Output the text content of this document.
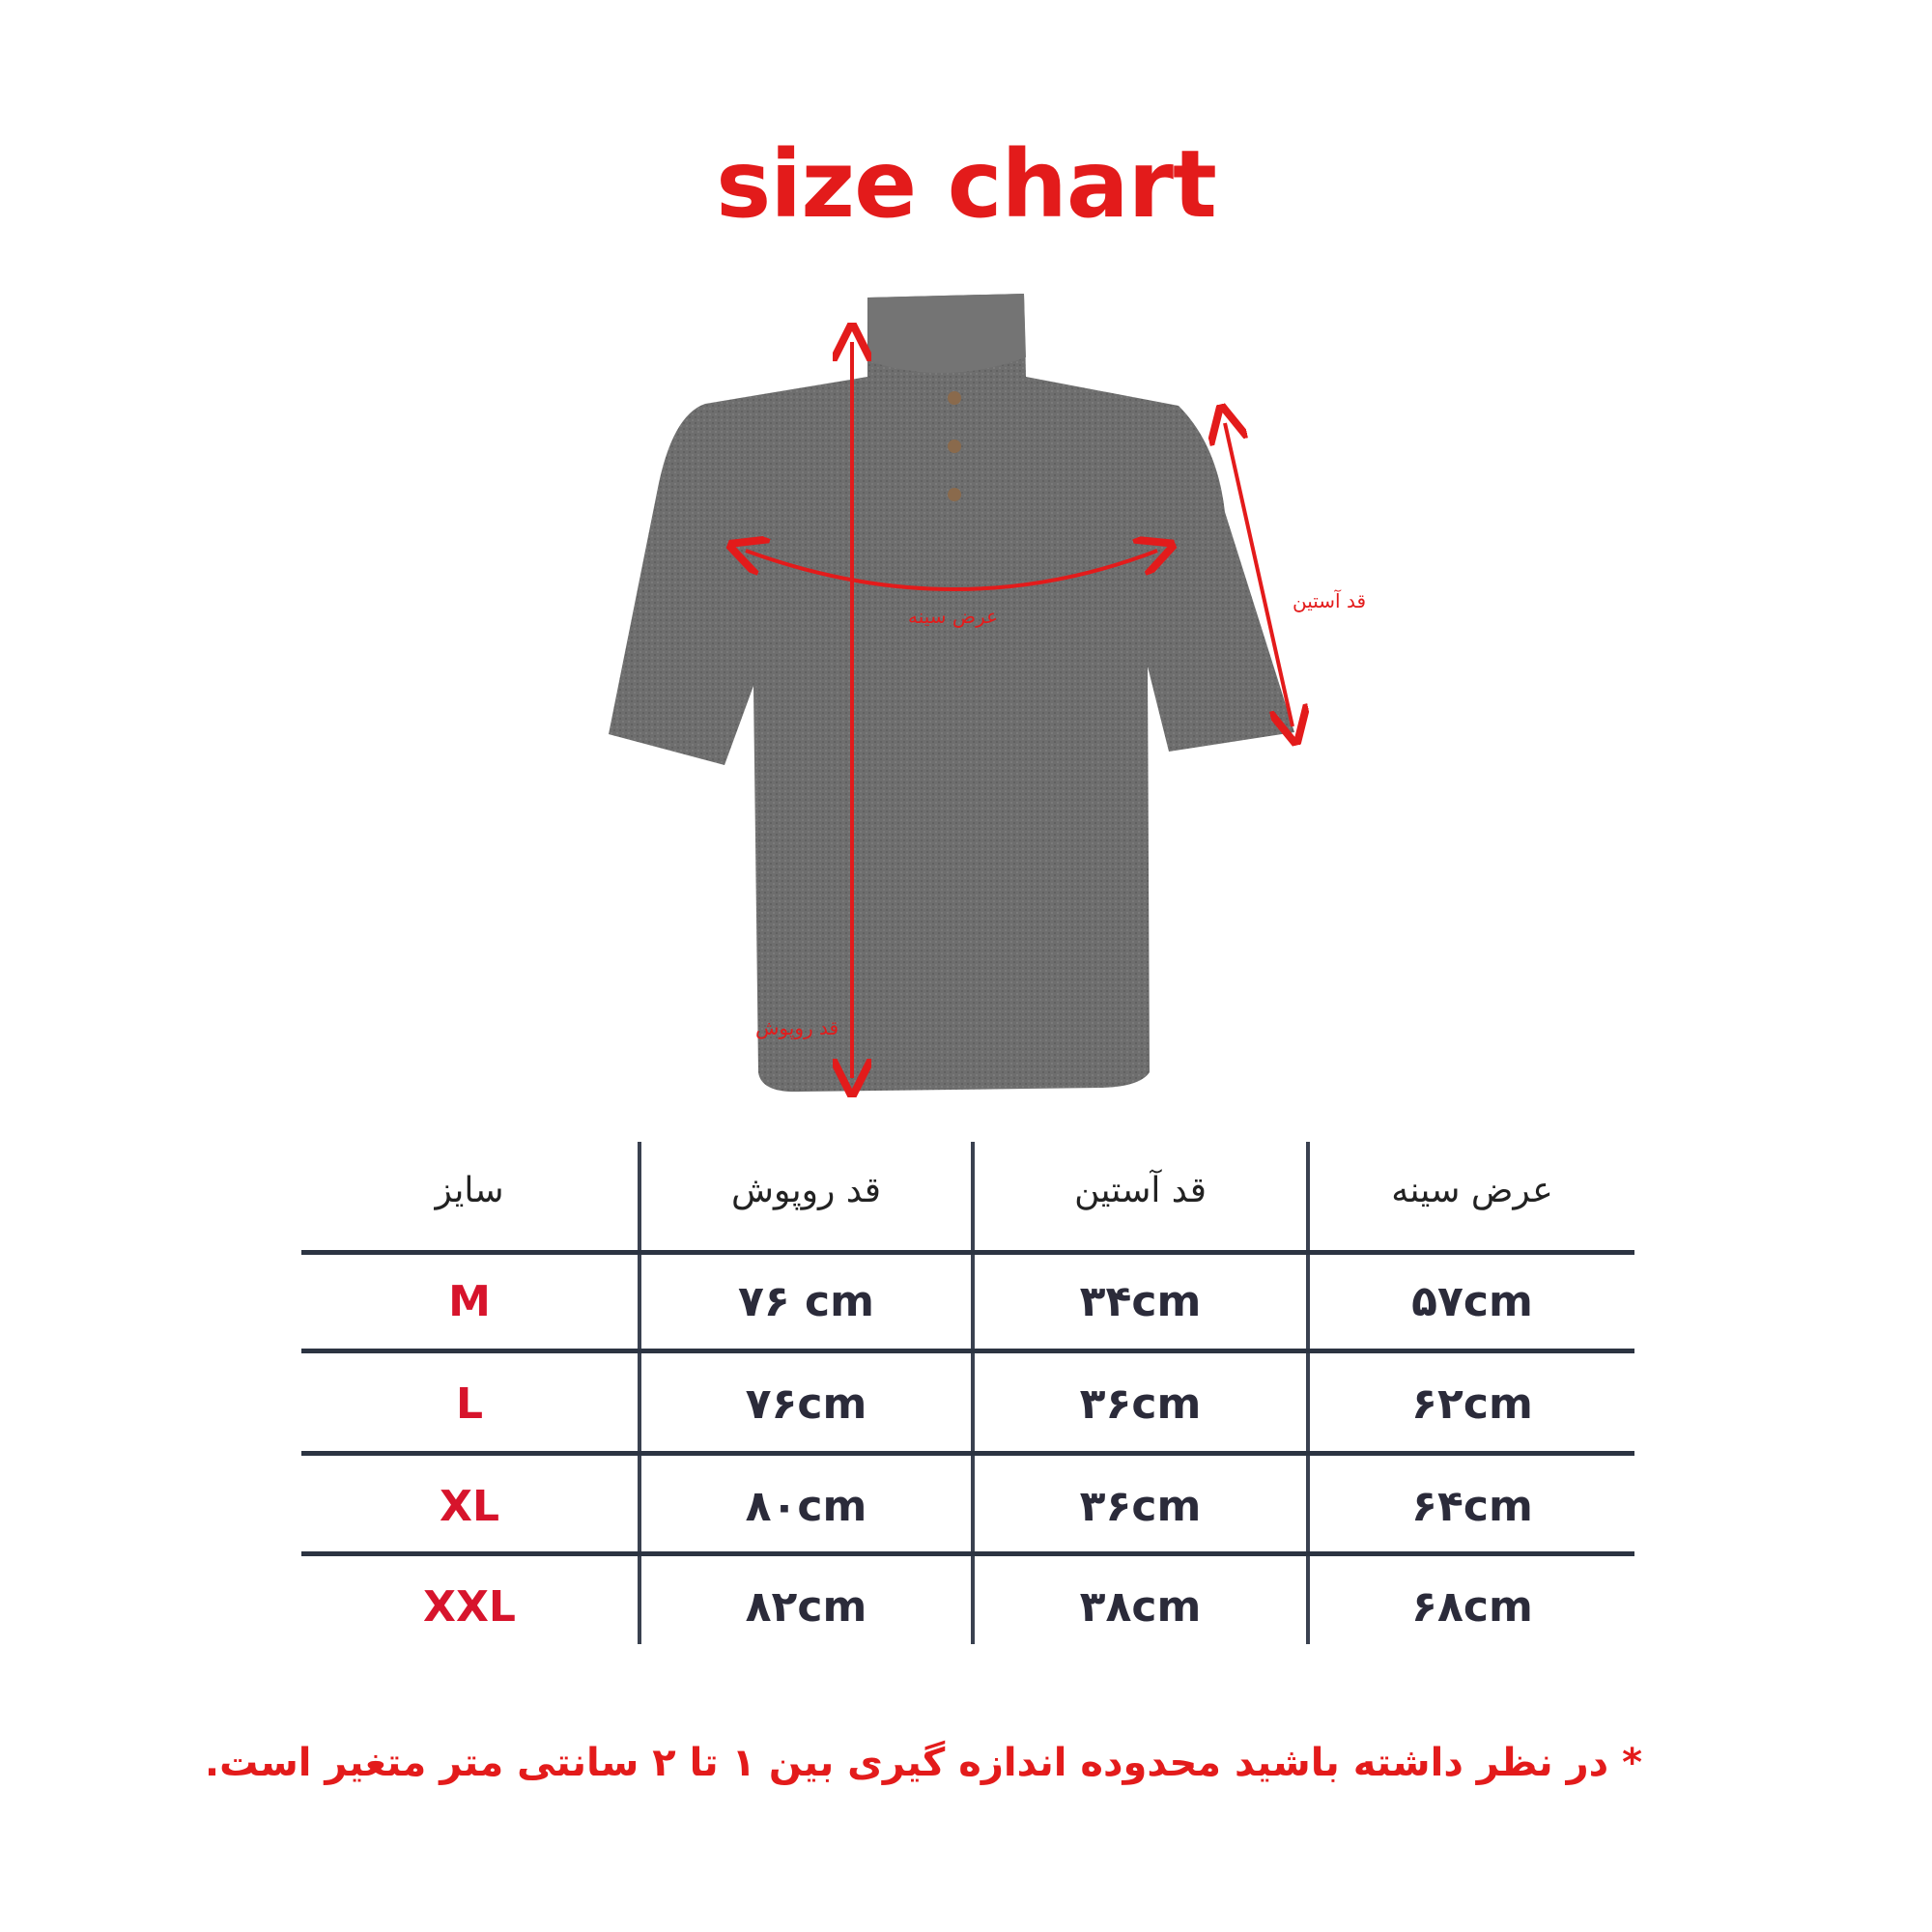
size chart
عرض سینه
قد آستین
قد روپوش
سایز	قد روپوش	قد آستین	عرض سینه
M	۷۶ cm	۳۴cm	۵۷cm
L	۷۶cm	۳۶cm	۶۲cm
XL	۸۰cm	۳۶cm	۶۴cm
XXL	۸۲cm	۳۸cm	۶۸cm
* در نظر داشته باشید محدوده اندازه گیری بین ۱ تا ۲ سانتی متر متغیر است.
